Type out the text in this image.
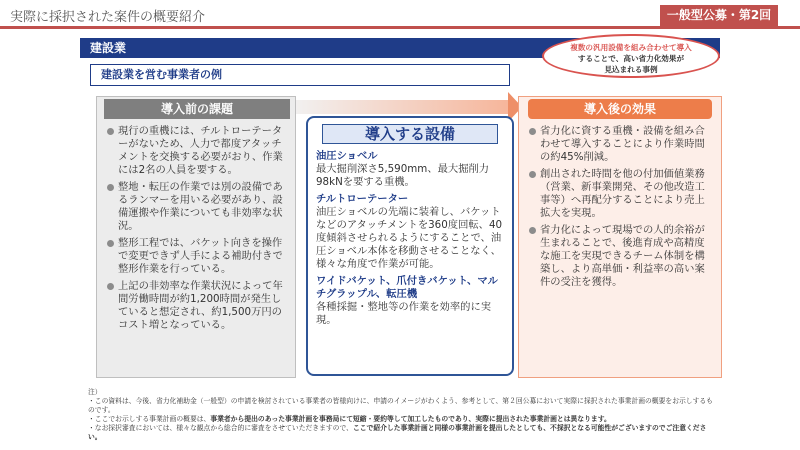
実際に採択された案件の概要紹介	一般型公募・第2回
建設業	複数の汎用設備を組み合わせて導入
することで、高い省力化効果が
見込まれる事例
建設業を営む事業者の例
導入前の課題
現行の重機には、チルトローテーターがないため、人力で都度アタッチメントを交換する必要がおり、作業には2名の人員を要する。
整地・転圧の作業では別の設備であるランマーを用いる必要があり、設備運搬や作業についても非効率な状況。
整形工程では、バケット向きを操作で変更できず人手による補助付きで整形作業を行っている。
上記の非効率な作業状況によって年間労働時間が約1,200時間が発生していると想定され、約1,500万円のコスト増となっている。
導入する設備
油圧ショベル
最大掘削深さ5,590mm、最大掘削力98kNを要する重機。
チルトローテーター
油圧ショベルの先端に装着し、バケットなどのアタッチメントを360度回転、40度傾斜させられるようにすることで、油圧ショベル本体を移動させることなく、様々な角度で作業が可能。
ワイドバケット、爪付きバケット、マルチグラップル、転圧機
各種採掘・整地等の作業を効率的に実現。
導入後の効果
省力化に資する重機・設備を組み合わせて導入することにより作業時間の約45%削減。
創出された時間を他の付加価値業務（営業、新事業開発、その他改造工事等）へ再配分することにより売上拡大を実現。
省力化によって現場での人的余裕が生まれることで、後進育成や高精度な施工を実現できるチーム体制を構築し、より高単価・利益率の高い案件の受注を獲得。
注）
・この資料は、今後、省力化補助金（一般型）の申請を検討されている事業者の皆様向けに、申請のイメージがわくよう、参考として、第２回公募において実際に採択された事業計画の概要をお示しするものです。
・ここでお示しする事業計画の概要は、事業者から提出のあった事業計画を事務局にて短縮・要約等して加工したものであり、実際に提出された事業計画とは異なります。
・なお採択審査においては、様々な観点から総合的に審査をさせていただきますので、ここで紹介した事業計画と同様の事業計画を提出したとしても、不採択となる可能性がございますのでご注意ください。
